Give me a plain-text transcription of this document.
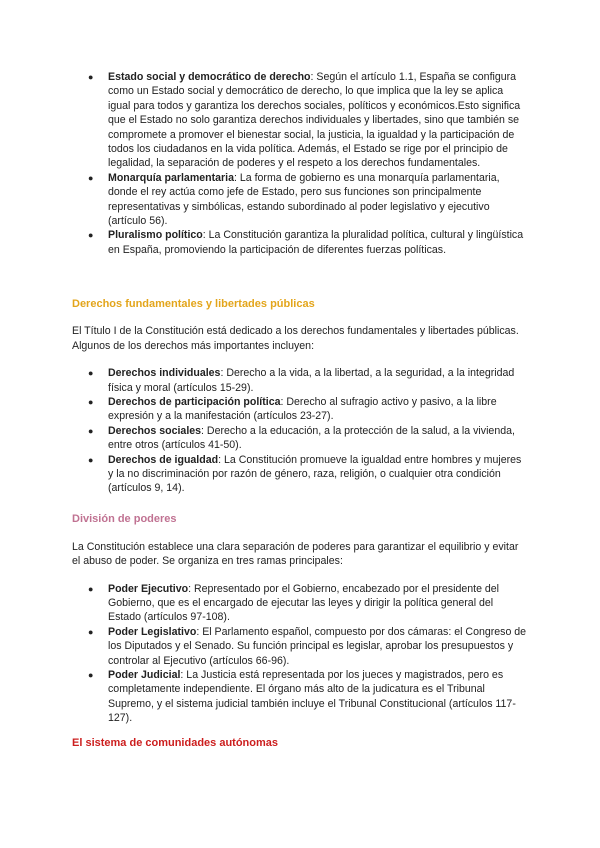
● Estado social y democrático de derecho: Según el artículo 1.1, España se configura como un Estado social y democrático de derecho, lo que implica que la ley se aplica igual para todos y garantiza los derechos sociales, políticos y económicos.Esto significa que el Estado no solo garantiza derechos individuales y libertades, sino que también se compromete a promover el bienestar social, la justicia, la igualdad y la participación de todos los ciudadanos en la vida política. Además, el Estado se rige por el principio de legalidad, la separación de poderes y el respeto a los derechos fundamentales.
● Monarquía parlamentaria: La forma de gobierno es una monarquía parlamentaria, donde el rey actúa como jefe de Estado, pero sus funciones son principalmente representativas y simbólicas, estando subordinado al poder legislativo y ejecutivo (artículo 56).
● Pluralismo político: La Constitución garantiza la pluralidad política, cultural y lingüística en España, promoviendo la participación de diferentes fuerzas políticas.
Derechos fundamentales y libertades públicas

El Título I de la Constitución está dedicado a los derechos fundamentales y libertades públicas. Algunos de los derechos más importantes incluyen:

● Derechos individuales: Derecho a la vida, a la libertad, a la seguridad, a la integridad física y moral (artículos 15-29).
● Derechos de participación política: Derecho al sufragio activo y pasivo, a la libre expresión y a la manifestación (artículos 23-27).
● Derechos sociales: Derecho a la educación, a la protección de la salud, a la vivienda, entre otros (artículos 41-50).
● Derechos de igualdad: La Constitución promueve la igualdad entre hombres y mujeres y la no discriminación por razón de género, raza, religión, o cualquier otra condición (artículos 9, 14).
División de poderes

La Constitución establece una clara separación de poderes para garantizar el equilibrio y evitar el abuso de poder. Se organiza en tres ramas principales:

● Poder Ejecutivo: Representado por el Gobierno, encabezado por el presidente del Gobierno, que es el encargado de ejecutar las leyes y dirigir la política general del Estado (artículos 97-108).
● Poder Legislativo: El Parlamento español, compuesto por dos cámaras: el Congreso de los Diputados y el Senado. Su función principal es legislar, aprobar los presupuestos y controlar al Ejecutivo (artículos 66-96).
● Poder Judicial: La Justicia está representada por los jueces y magistrados, pero es completamente independiente. El órgano más alto de la judicatura es el Tribunal Supremo, y el sistema judicial también incluye el Tribunal Constitucional (artículos 117-127).
El sistema de comunidades autónomas
